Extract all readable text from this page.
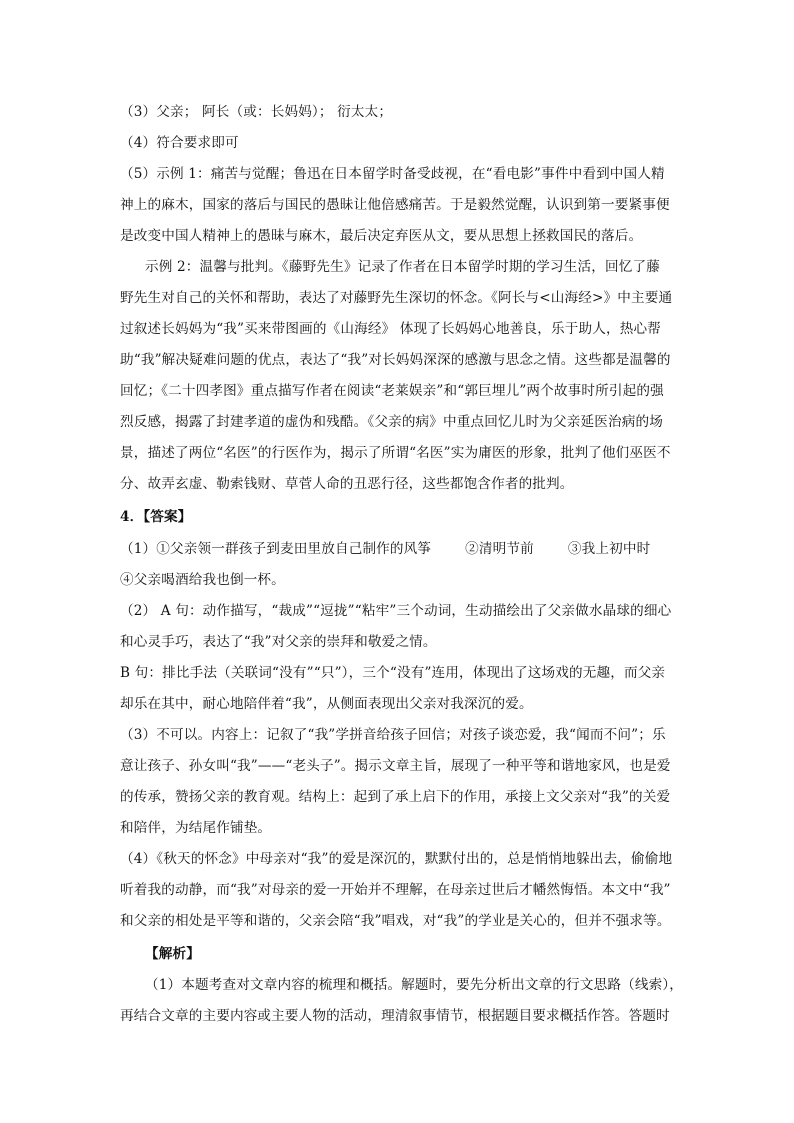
（3）父亲； 阿长（或：长妈妈）； 衍太太；
（4）符合要求即可
（5）示例 1：痛苦与觉醒；鲁迅在日本留学时备受歧视，在“看电影”事件中看到中国人精
神上的麻木，国家的落后与国民的愚昧让他倍感痛苦。于是毅然觉醒，认识到第一要紧事便
是改变中国人精神上的愚昧与麻木，最后决定弃医从文，要从思想上拯救国民的落后。
示例 2：温馨与批判。《藤野先生》记录了作者在日本留学时期的学习生活，回忆了藤
野先生对自己的关怀和帮助，表达了对藤野先生深切的怀念。《阿长与<山海经>》中主要通
过叙述长妈妈为“我”买来带图画的《山海经》 体现了长妈妈心地善良，乐于助人，热心帮
助“我”解决疑难问题的优点，表达了“我”对长妈妈深深的感激与思念之情。这些都是温馨的
回忆；《二十四孝图》重点描写作者在阅读“老莱娱亲”和“郭巨埋儿”两个故事时所引起的强
烈反感，揭露了封建孝道的虚伪和残酷。《父亲的病》中重点回忆儿时为父亲延医治病的场
景，描述了两位“名医”的行医作为，揭示了所谓“名医”实为庸医的形象，批判了他们巫医不
分、故弄玄虚、勒索钱财、草菅人命的丑恶行径，这些都饱含作者的批判。
4．【答案】
（1）①父亲领一群孩子到麦田里放自己制作的风筝	②清明节前	③我上初中时
④父亲喝酒给我也倒一杯。
（2） A 句：动作描写，“裁成”“逗拢”“粘牢”三个动词，生动描绘出了父亲做水晶球的细心
和心灵手巧，表达了“我”对父亲的崇拜和敬爱之情。
B 句：排比手法（关联词“没有”“只”），三个“没有”连用，体现出了这场戏的无趣，而父亲
却乐在其中，耐心地陪伴着“我”，从侧面表现出父亲对我深沉的爱。
（3）不可以。内容上：记叙了“我”学拼音给孩子回信；对孩子谈恋爱，我“闻而不问”；乐
意让孩子、孙女叫“我”——“老头子”。揭示文章主旨，展现了一种平等和谐地家风，也是爱
的传承，赞扬父亲的教育观。结构上：起到了承上启下的作用，承接上文父亲对“我”的关爱
和陪伴，为结尾作铺垫。
（4）《秋天的怀念》中母亲对“我”的爱是深沉的，默默付出的，总是悄悄地躲出去，偷偷地
听着我的动静，而“我”对母亲的爱一开始并不理解，在母亲过世后才幡然悔悟。本文中“我”
和父亲的相处是平等和谐的，父亲会陪“我”唱戏，对“我”的学业是关心的，但并不强求等。
【解析】
（1）本题考查对文章内容的梳理和概括。解题时，要先分析出文章的行文思路（线索），
再结合文章的主要内容或主要人物的活动，理清叙事情节，根据题目要求概括作答。答题时
